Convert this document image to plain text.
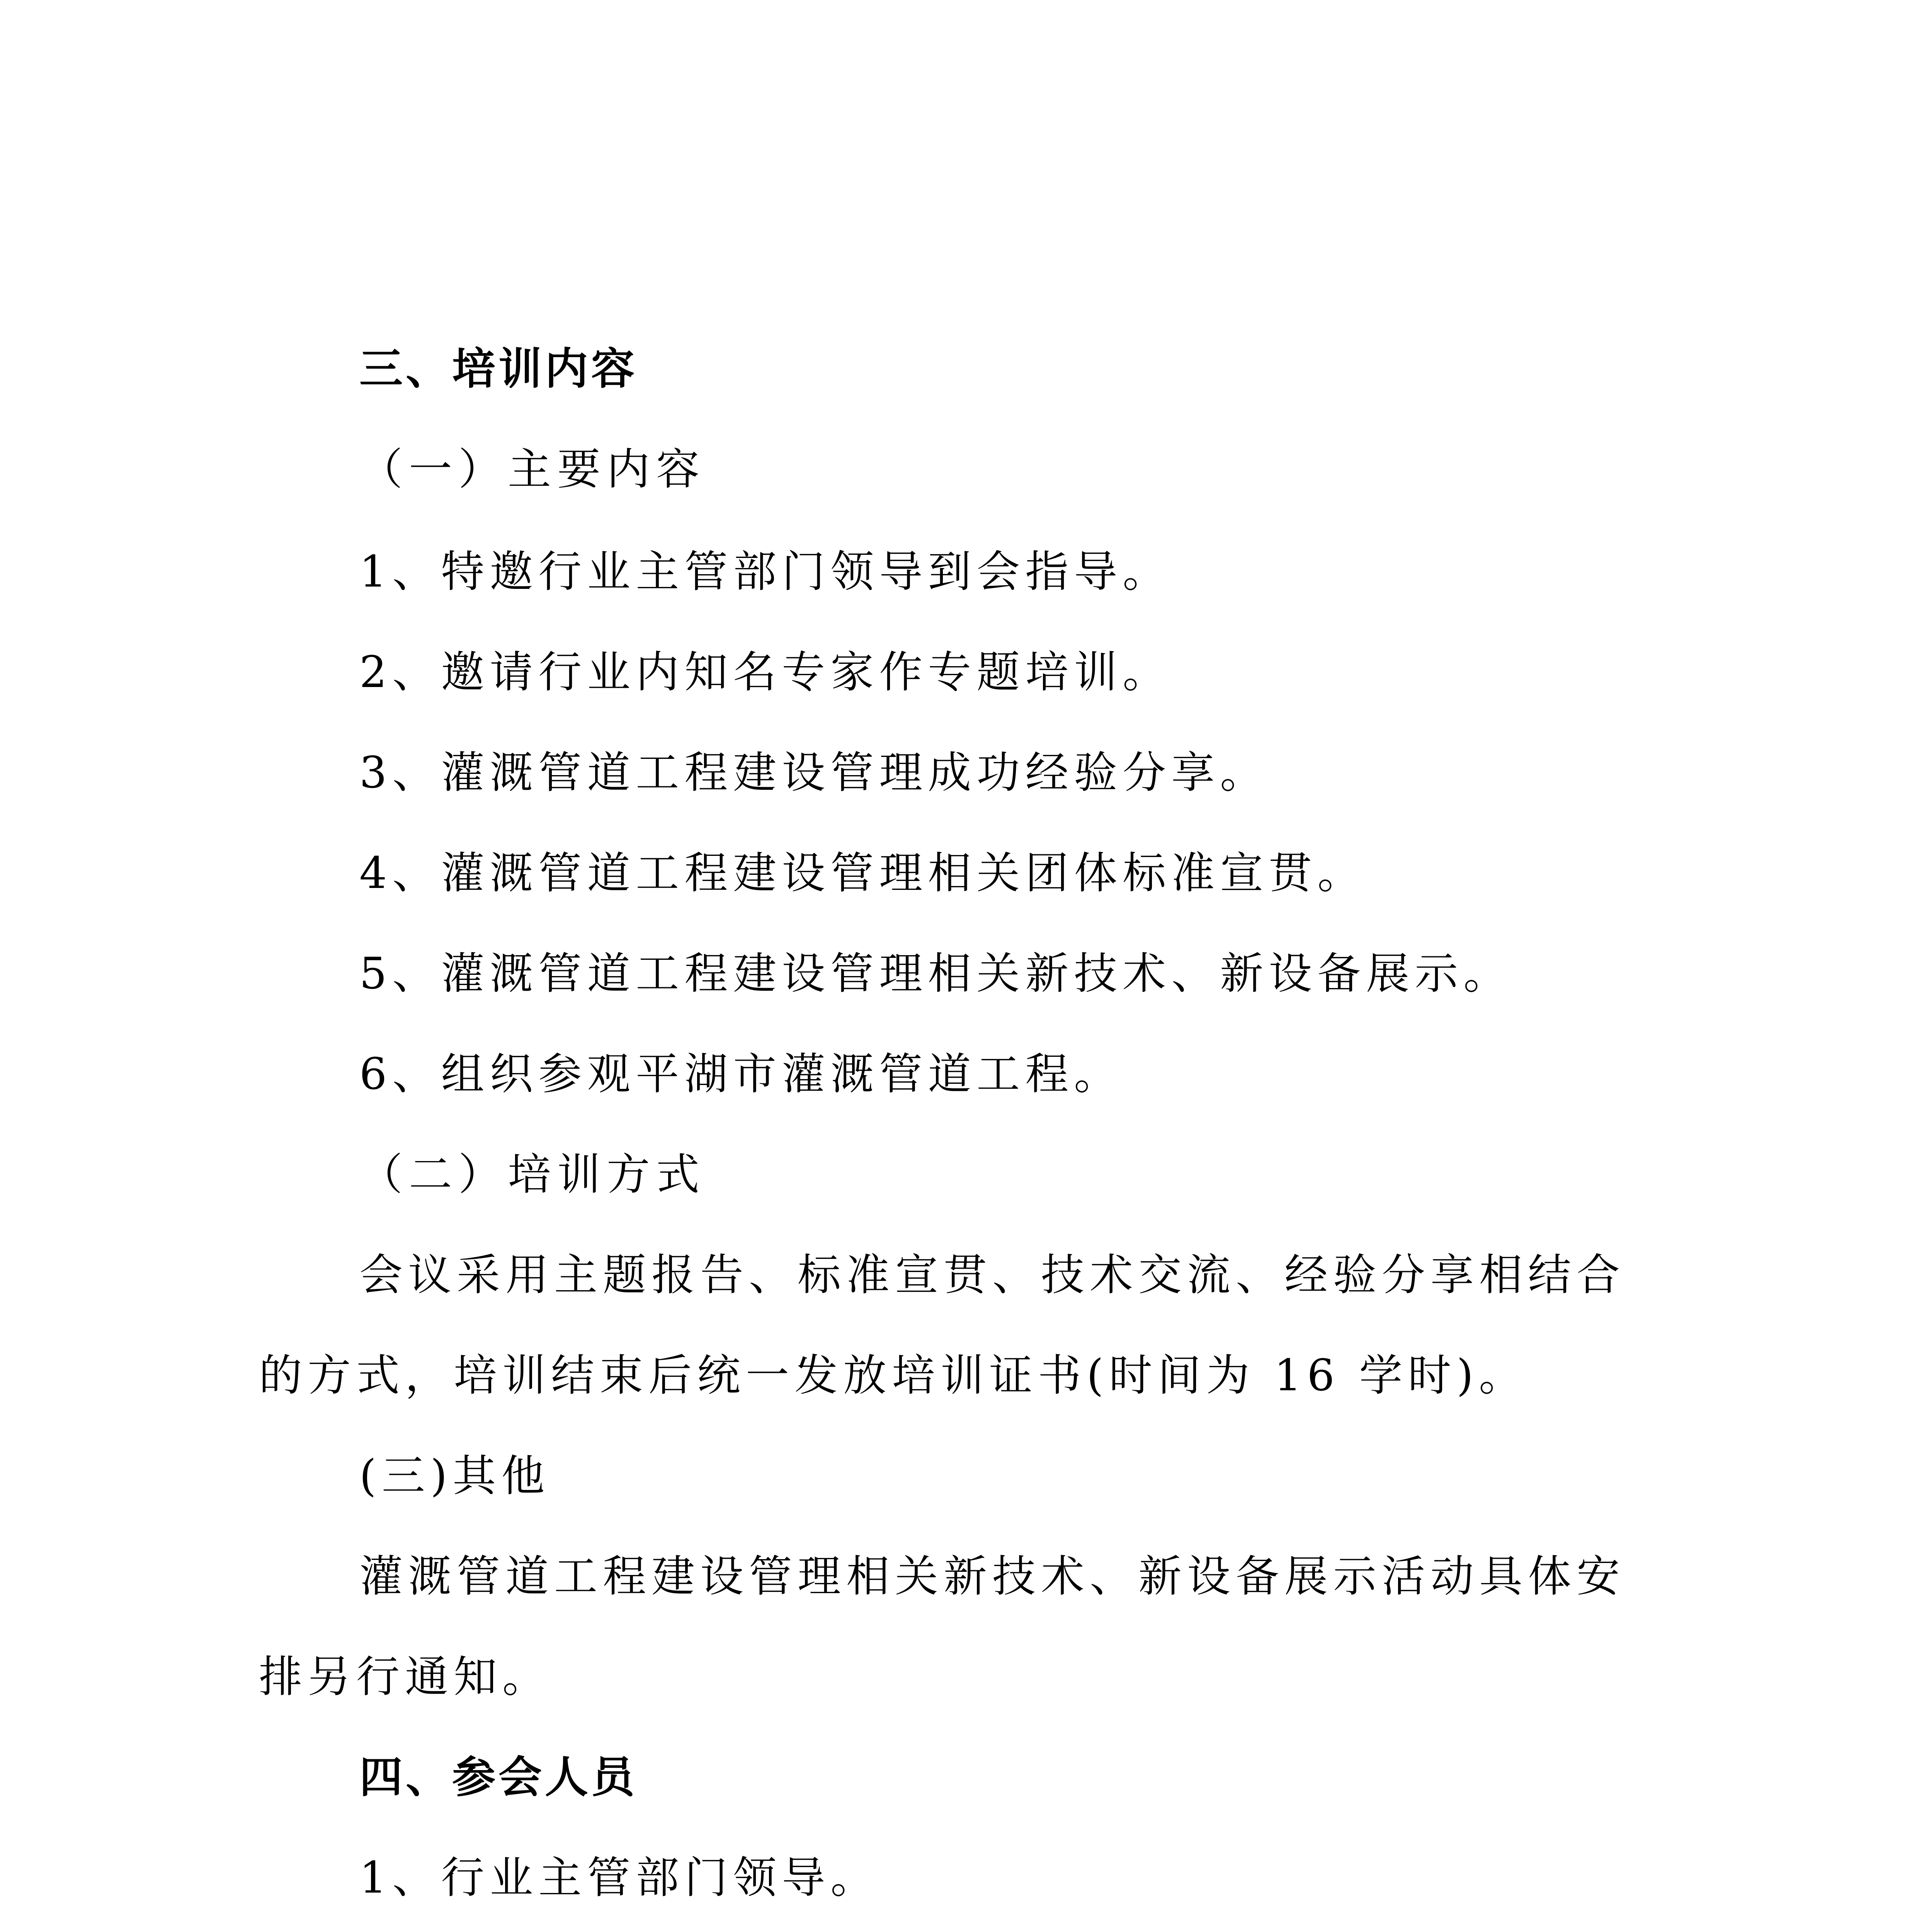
三、培训内容
（一）主要内容
1、特邀行业主管部门领导到会指导。
2、邀请行业内知名专家作专题培训。
3、灌溉管道工程建设管理成功经验分享。
4、灌溉管道工程建设管理相关团体标准宣贯。
5、灌溉管道工程建设管理相关新技术、新设备展示。
6、组织参观平湖市灌溉管道工程。
（二）培训方式
会议采用主题报告、标准宣贯、技术交流、经验分享相结合
的方式，培训结束后统一发放培训证书(时间为 16 学时)。
(三)其他
灌溉管道工程建设管理相关新技术、新设备展示活动具体安
排另行通知。
四、参会人员
1、行业主管部门领导。
